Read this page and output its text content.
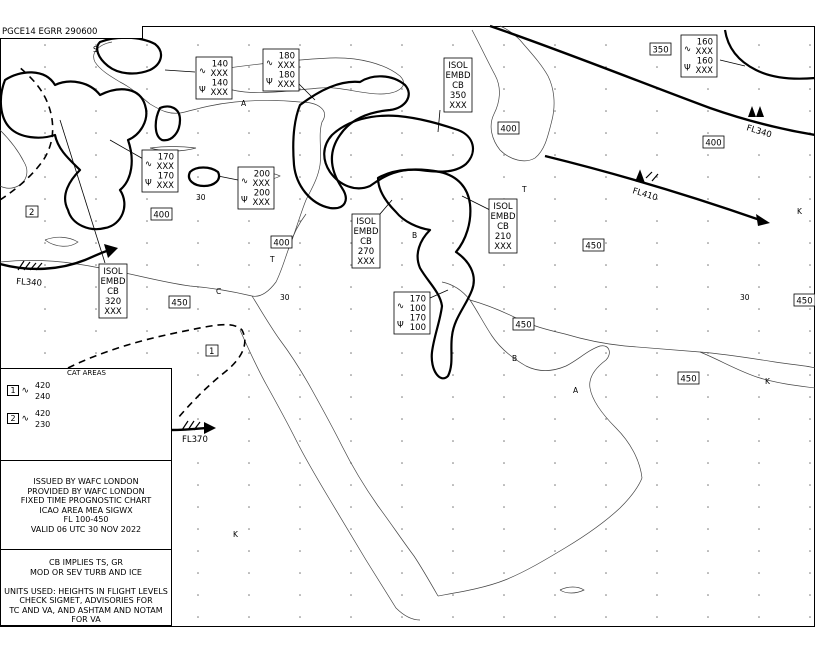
ISOL
EMBD
CB
350
XXX
ISOL
EMBD
CB
270
XXX
ISOL
EMBD
CB
210
XXX
ISOL
EMBD
CB
320
XXX
140
XXX
140
XXX
∿
Ψ
180
XXX
180
XXX
∿
Ψ
170
XXX
170
XXX
∿
Ψ
200
XXX
200
XXX
∿
Ψ
170
100
170
100
∿
Ψ
160
XXX
160
XXX
∿
Ψ
350
400
400
400
400
450
450
450
450
450
FL340
FL410
FL340
FL370
2
1
S
A
T
B
C
T
B
A
K
K
K
30
30	30
PGCE14 EGRR 290600
CAT AREAS
1 ∿
420
240
2 ∿
420
230
ISSUED BY WAFC LONDON
PROVIDED BY WAFC LONDON
FIXED TIME PROGNOSTIC CHART
ICAO AREA MEA SIGWX
FL 100-450
VALID 06 UTC 30 NOV 2022
CB IMPLIES TS, GR
MOD OR SEV TURB AND ICE

UNITS USED: HEIGHTS IN FLIGHT LEVELS
CHECK SIGMET, ADVISORIES FOR
TC AND VA, AND ASHTAM AND NOTAM FOR VA
